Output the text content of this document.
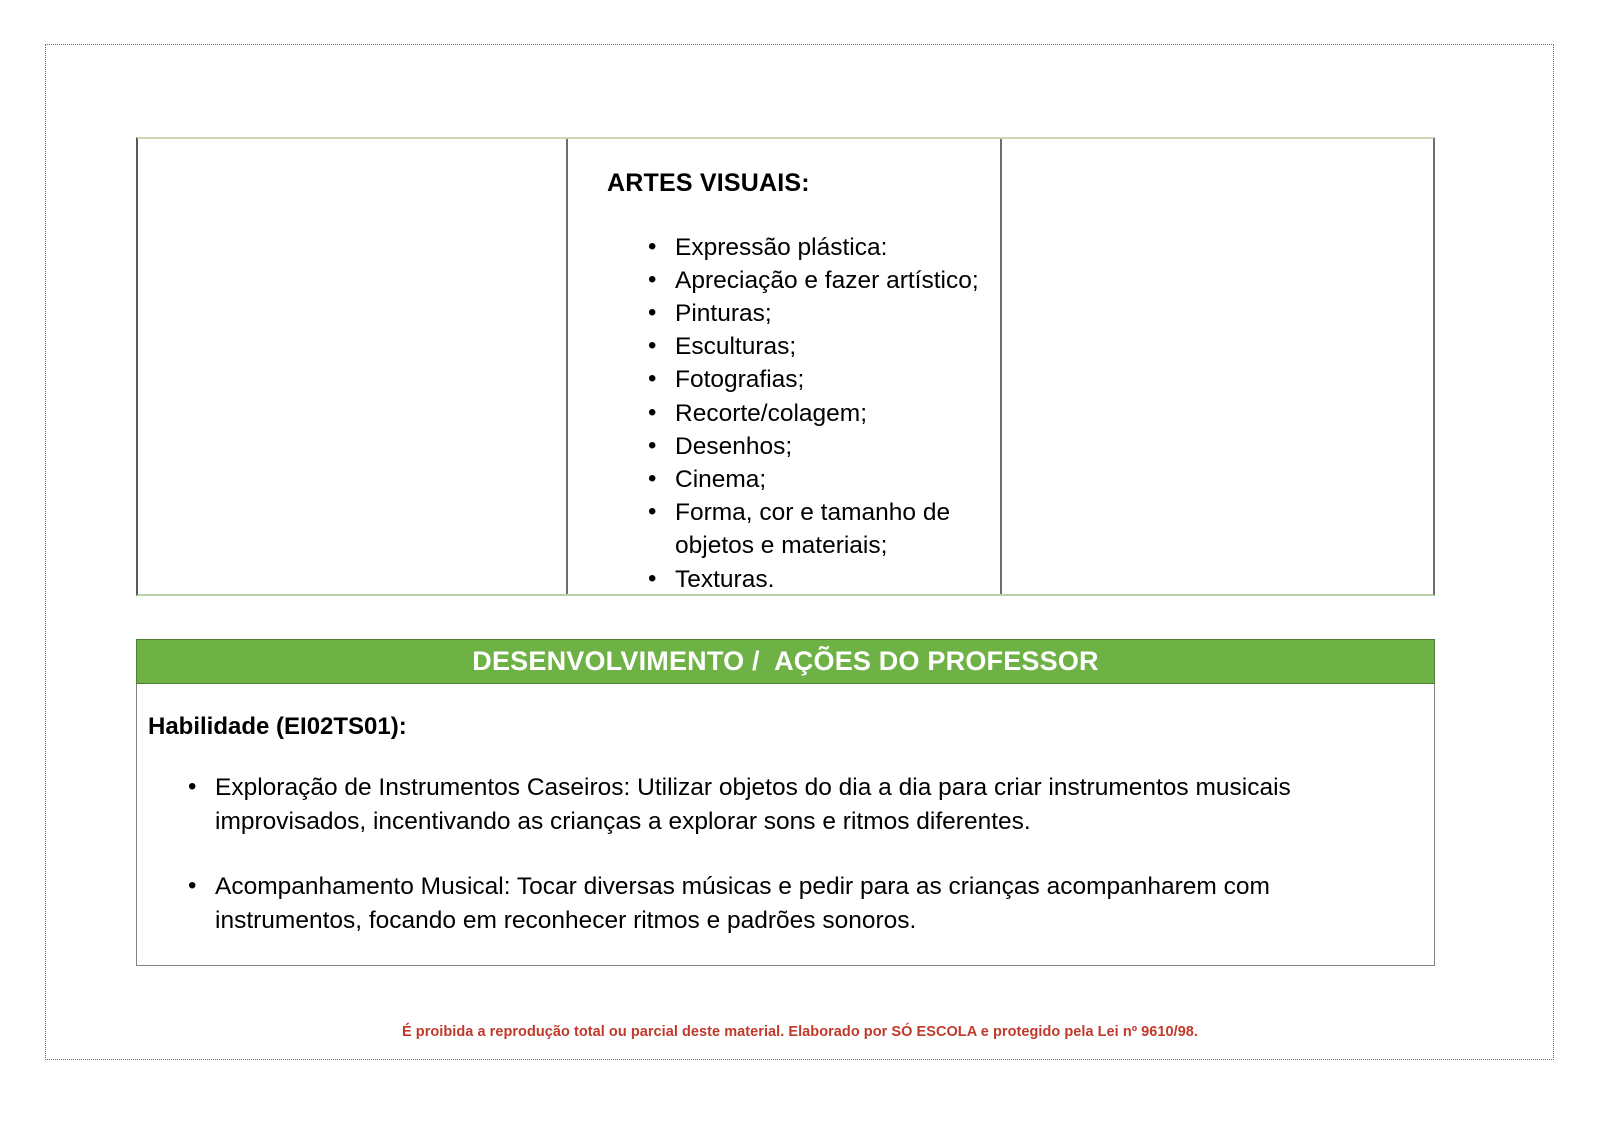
ARTES VISUAIS:
• Expressão plástica:
• Apreciação e fazer artístico;
• Pinturas;
• Esculturas;
• Fotografias;
• Recorte/colagem;
• Desenhos;
• Cinema;
• Forma, cor e tamanho de objetos e materiais;
• Texturas.
DESENVOLVIMENTO /  AÇÕES DO PROFESSOR
Habilidade (EI02TS01):
• Exploração de Instrumentos Caseiros: Utilizar objetos do dia a dia para criar instrumentos musicais improvisados, incentivando as crianças a explorar sons e ritmos diferentes.
• Acompanhamento Musical: Tocar diversas músicas e pedir para as crianças acompanharem com instrumentos, focando em reconhecer ritmos e padrões sonoros.
É proibida a reprodução total ou parcial deste material. Elaborado por SÓ ESCOLA e protegido pela Lei nº 9610/98.
